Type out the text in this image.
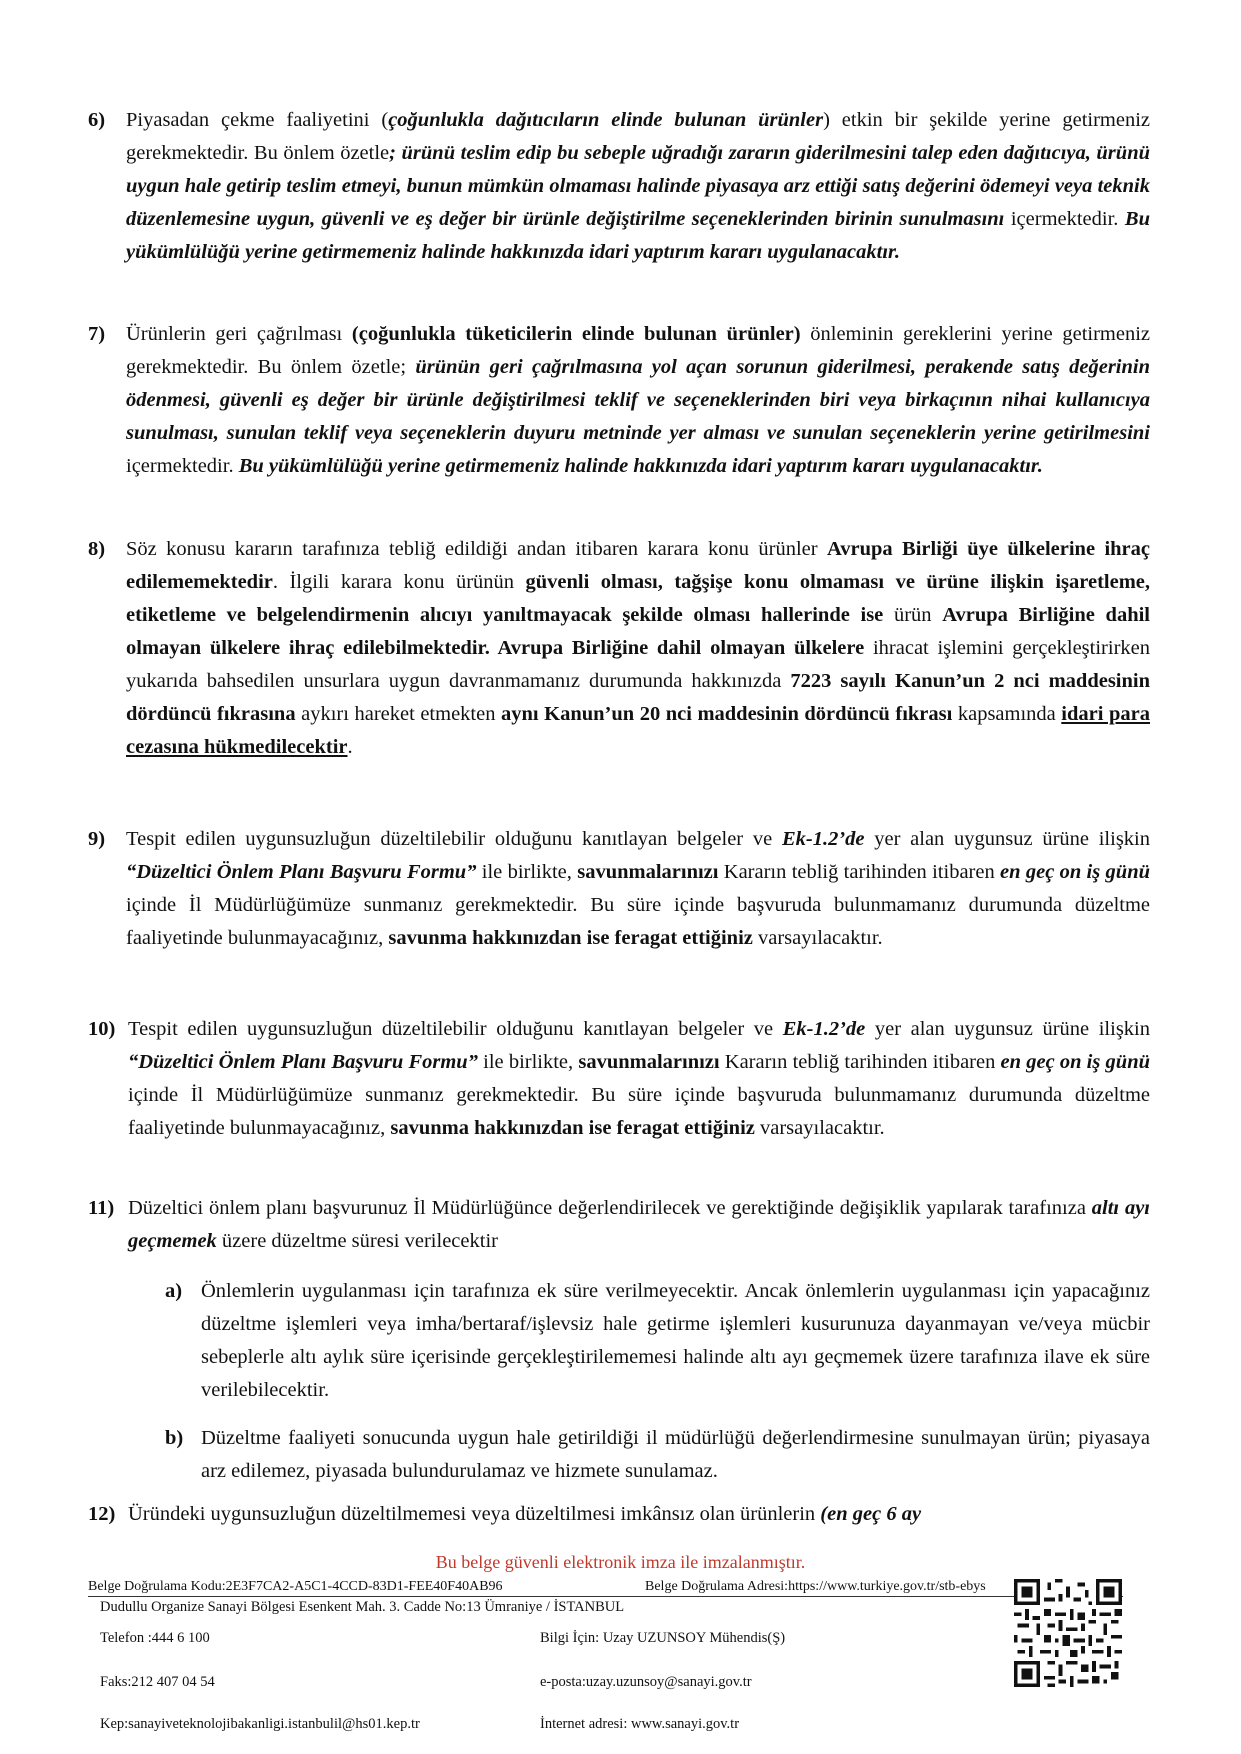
6) Piyasadan çekme faaliyetini (çoğunlukla dağıtıcıların elinde bulunan ürünler) etkin bir şekilde yerine getirmeniz gerekmektedir. Bu önlem özetle; ürünü teslim edip bu sebeple uğradığı zararın giderilmesini talep eden dağıtıcıya, ürünü uygun hale getirip teslim etmeyi, bunun mümkün olmaması halinde piyasaya arz ettiği satış değerini ödemeyi veya teknik düzenlemesine uygun, güvenli ve eş değer bir ürünle değiştirilme seçeneklerinden birinin sunulmasını içermektedir. Bu yükümlülüğü yerine getirmemeniz halinde hakkınızda idari yaptırım kararı uygulanacaktır.
7) Ürünlerin geri çağrılması (çoğunlukla tüketicilerin elinde bulunan ürünler) önleminin gereklerini yerine getirmeniz gerekmektedir. Bu önlem özetle; ürünün geri çağrılmasına yol açan sorunun giderilmesi, perakende satış değerinin ödenmesi, güvenli eş değer bir ürünle değiştirilmesi teklif ve seçeneklerinden biri veya birkaçının nihai kullanıcıya sunulması, sunulan teklif veya seçeneklerin duyuru metninde yer alması ve sunulan seçeneklerin yerine getirilmesini içermektedir. Bu yükümlülüğü yerine getirmemeniz halinde hakkınızda idari yaptırım kararı uygulanacaktır.
8) Söz konusu kararın tarafınıza tebliğ edildiği andan itibaren karara konu ürünler Avrupa Birliği üye ülkelerine ihraç edilememektedir. İlgili karara konu ürünün güvenli olması, tağşişe konu olmaması ve ürüne ilişkin işaretleme, etiketleme ve belgelendirmenin alıcıyı yanıltmayacak şekilde olması hallerinde ise ürün Avrupa Birliğine dahil olmayan ülkelere ihraç edilebilmektedir. Avrupa Birliğine dahil olmayan ülkelere ihracat işlemini gerçekleştirirken yukarıda bahsedilen unsurlara uygun davranmamanız durumunda hakkınızda 7223 sayılı Kanun’un 2 nci maddesinin dördüncü fıkrasına aykırı hareket etmekten aynı Kanun’un 20 nci maddesinin dördüncü fıkrası kapsamında idari para cezasına hükmedilecektir.
9) Tespit edilen uygunsuzluğun düzeltilebilir olduğunu kanıtlayan belgeler ve Ek-1.2’de yer alan uygunsuz ürüne ilişkin “Düzeltici Önlem Planı Başvuru Formu” ile birlikte, savunmalarınızı Kararın tebliğ tarihinden itibaren en geç on iş günü içinde İl Müdürlüğümüze sunmanız gerekmektedir. Bu süre içinde başvuruda bulunmamanız durumunda düzeltme faaliyetinde bulunmayacağınız, savunma hakkınızdan ise feragat ettiğiniz varsayılacaktır.
10) Tespit edilen uygunsuzluğun düzeltilebilir olduğunu kanıtlayan belgeler ve Ek-1.2’de yer alan uygunsuz ürüne ilişkin “Düzeltici Önlem Planı Başvuru Formu” ile birlikte, savunmalarınızı Kararın tebliğ tarihinden itibaren en geç on iş günü içinde İl Müdürlüğümüze sunmanız gerekmektedir. Bu süre içinde başvuruda bulunmamanız durumunda düzeltme faaliyetinde bulunmayacağınız, savunma hakkınızdan ise feragat ettiğiniz varsayılacaktır.
11) Düzeltici önlem planı başvurunuz İl Müdürlüğünce değerlendirilecek ve gerektiğinde değişiklik yapılarak tarafınıza altı ayı geçmemek üzere düzeltme süresi verilecektir
a) Önlemlerin uygulanması için tarafınıza ek süre verilmeyecektir. Ancak önlemlerin uygulanması için yapacağınız düzeltme işlemleri veya imha/bertaraf/işlevsiz hale getirme işlemleri kusurunuza dayanmayan ve/veya mücbir sebeplerle altı aylık süre içerisinde gerçekleştirilememesi halinde altı ayı geçmemek üzere tarafınıza ilave ek süre verilebilecektir.
b) Düzeltme faaliyeti sonucunda uygun hale getirildiği il müdürlüğü değerlendirmesine sunulmayan ürün; piyasaya arz edilemez, piyasada bulundurulamaz ve hizmete sunulamaz.
12) Üründeki uygunsuzluğun düzeltilmemesi veya düzeltilmesi imkânsız olan ürünlerin (en geç 6 ay
Bu belge güvenli elektronik imza ile imzalanmıştır.
Belge Doğrulama Kodu:2E3F7CA2-A5C1-4CCD-83D1-FEE40F40AB96	Belge Doğrulama Adresi:https://www.turkiye.gov.tr/stb-ebys
Dudullu Organize Sanayi Bölgesi Esenkent Mah. 3. Cadde No:13 Ümraniye / İSTANBUL
Telefon :444 6 100	Bilgi İçin: Uzay UZUNSOY Mühendis(Ş)
Faks:212 407 04 54	e-posta:uzay.uzunsoy@sanayi.gov.tr
Kep:sanayiveteknolojibakanligi.istanbulil@hs01.kep.tr	İnternet adresi: www.sanayi.gov.tr
